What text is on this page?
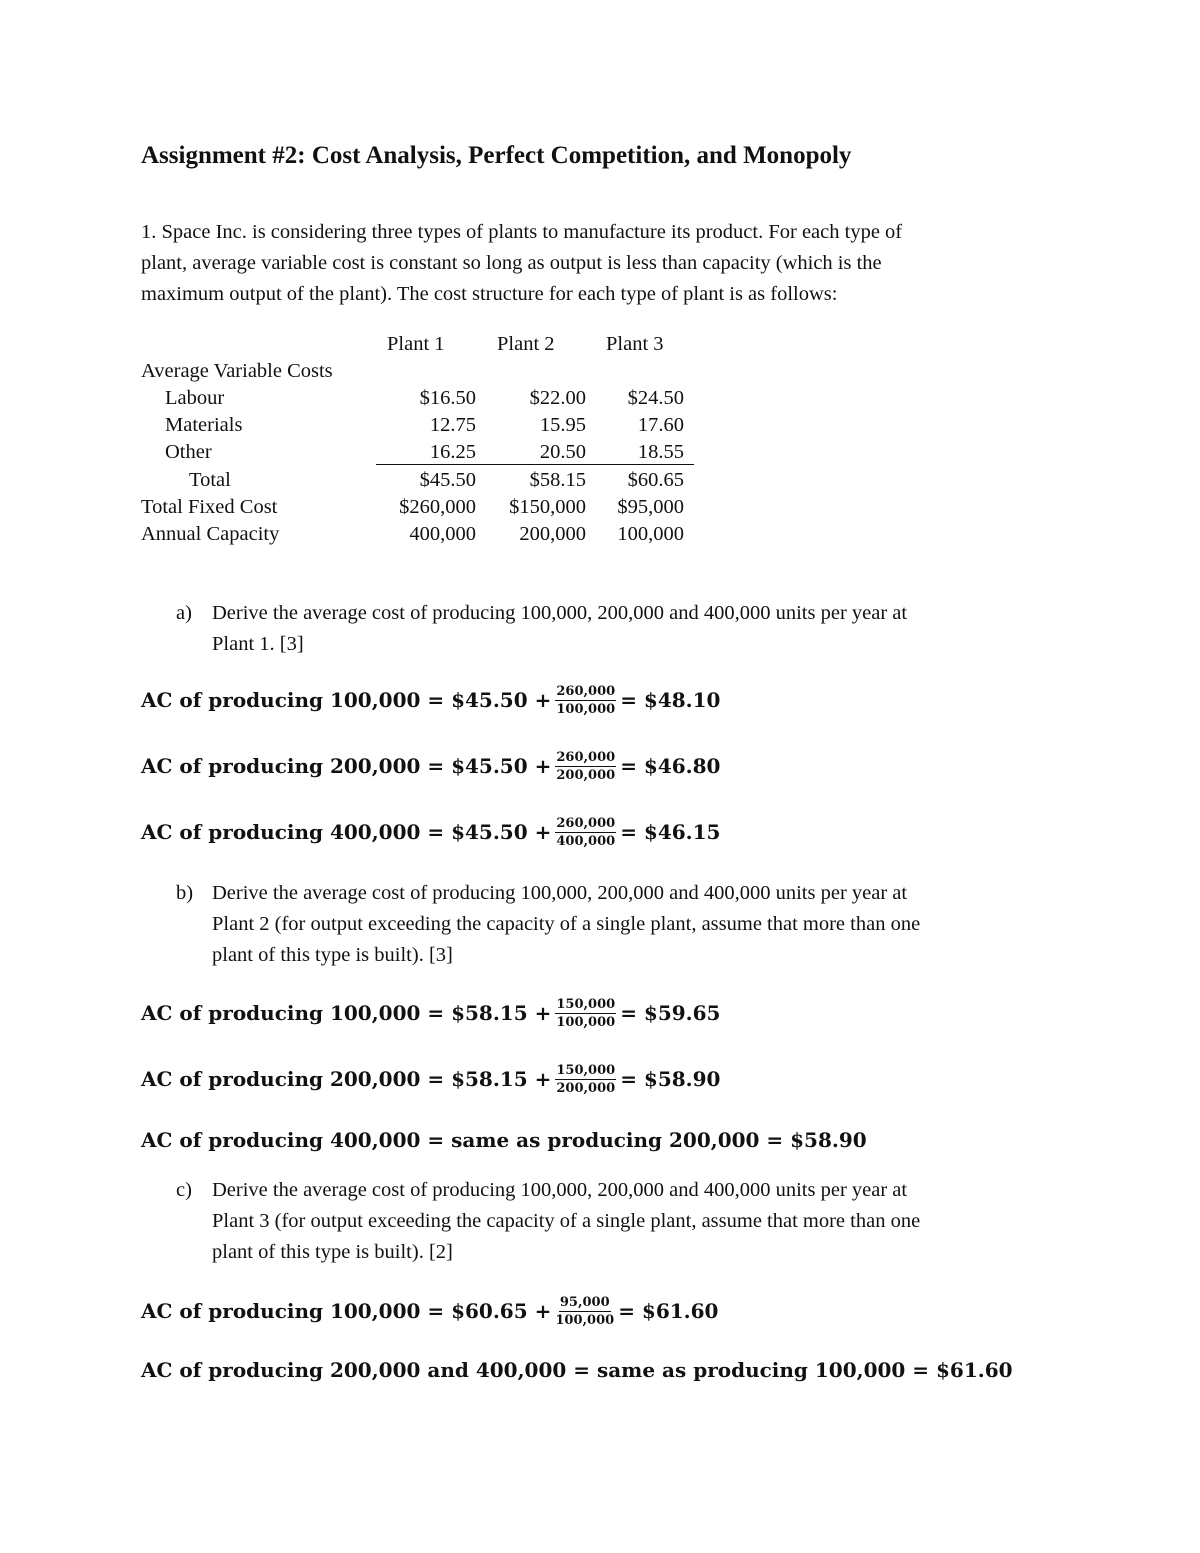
Assignment #2: Cost Analysis, Perfect Competition, and Monopoly
1. Space Inc. is considering three types of plants to manufacture its product. For each type of
plant, average variable cost is constant so long as output is less than capacity (which is the
maximum output of the plant). The cost structure for each type of plant is as follows:
Plant 1	Plant 2	Plant 3
Average Variable Costs
Labour	$16.50	$22.00	$24.50
Materials	12.75	15.95	17.60
Other	16.25	20.50	18.55
Total	$45.50	$58.15	$60.65
Total Fixed Cost	$260,000	$150,000	$95,000
Annual Capacity	400,000	200,000	100,000
a) Derive the average cost of producing 100,000, 200,000 and 400,000 units per year at
Plant 1. [3]
AC of producing 100,000 = $45.50 + $\frac{260,000}{100,000}$ = $48.10
AC of producing 200,000 = $45.50 + $\frac{260,000}{200,000}$ = $46.80
AC of producing 400,000 = $45.50 + $\frac{260,000}{400,000}$ = $46.15
b) Derive the average cost of producing 100,000, 200,000 and 400,000 units per year at
Plant 2 (for output exceeding the capacity of a single plant, assume that more than one
plant of this type is built). [3]
AC of producing 100,000 = $58.15 + $\frac{150,000}{100,000}$ = $59.65
AC of producing 200,000 = $58.15 + $\frac{150,000}{200,000}$ = $58.90
AC of producing 400,000 = same as producing 200,000 = $58.90
c) Derive the average cost of producing 100,000, 200,000 and 400,000 units per year at
Plant 3 (for output exceeding the capacity of a single plant, assume that more than one
plant of this type is built). [2]
AC of producing 100,000 = $60.65 + $\frac{95,000}{100,000}$ = $61.60
AC of producing 200,000 and 400,000 = same as producing 100,000 = $61.60
